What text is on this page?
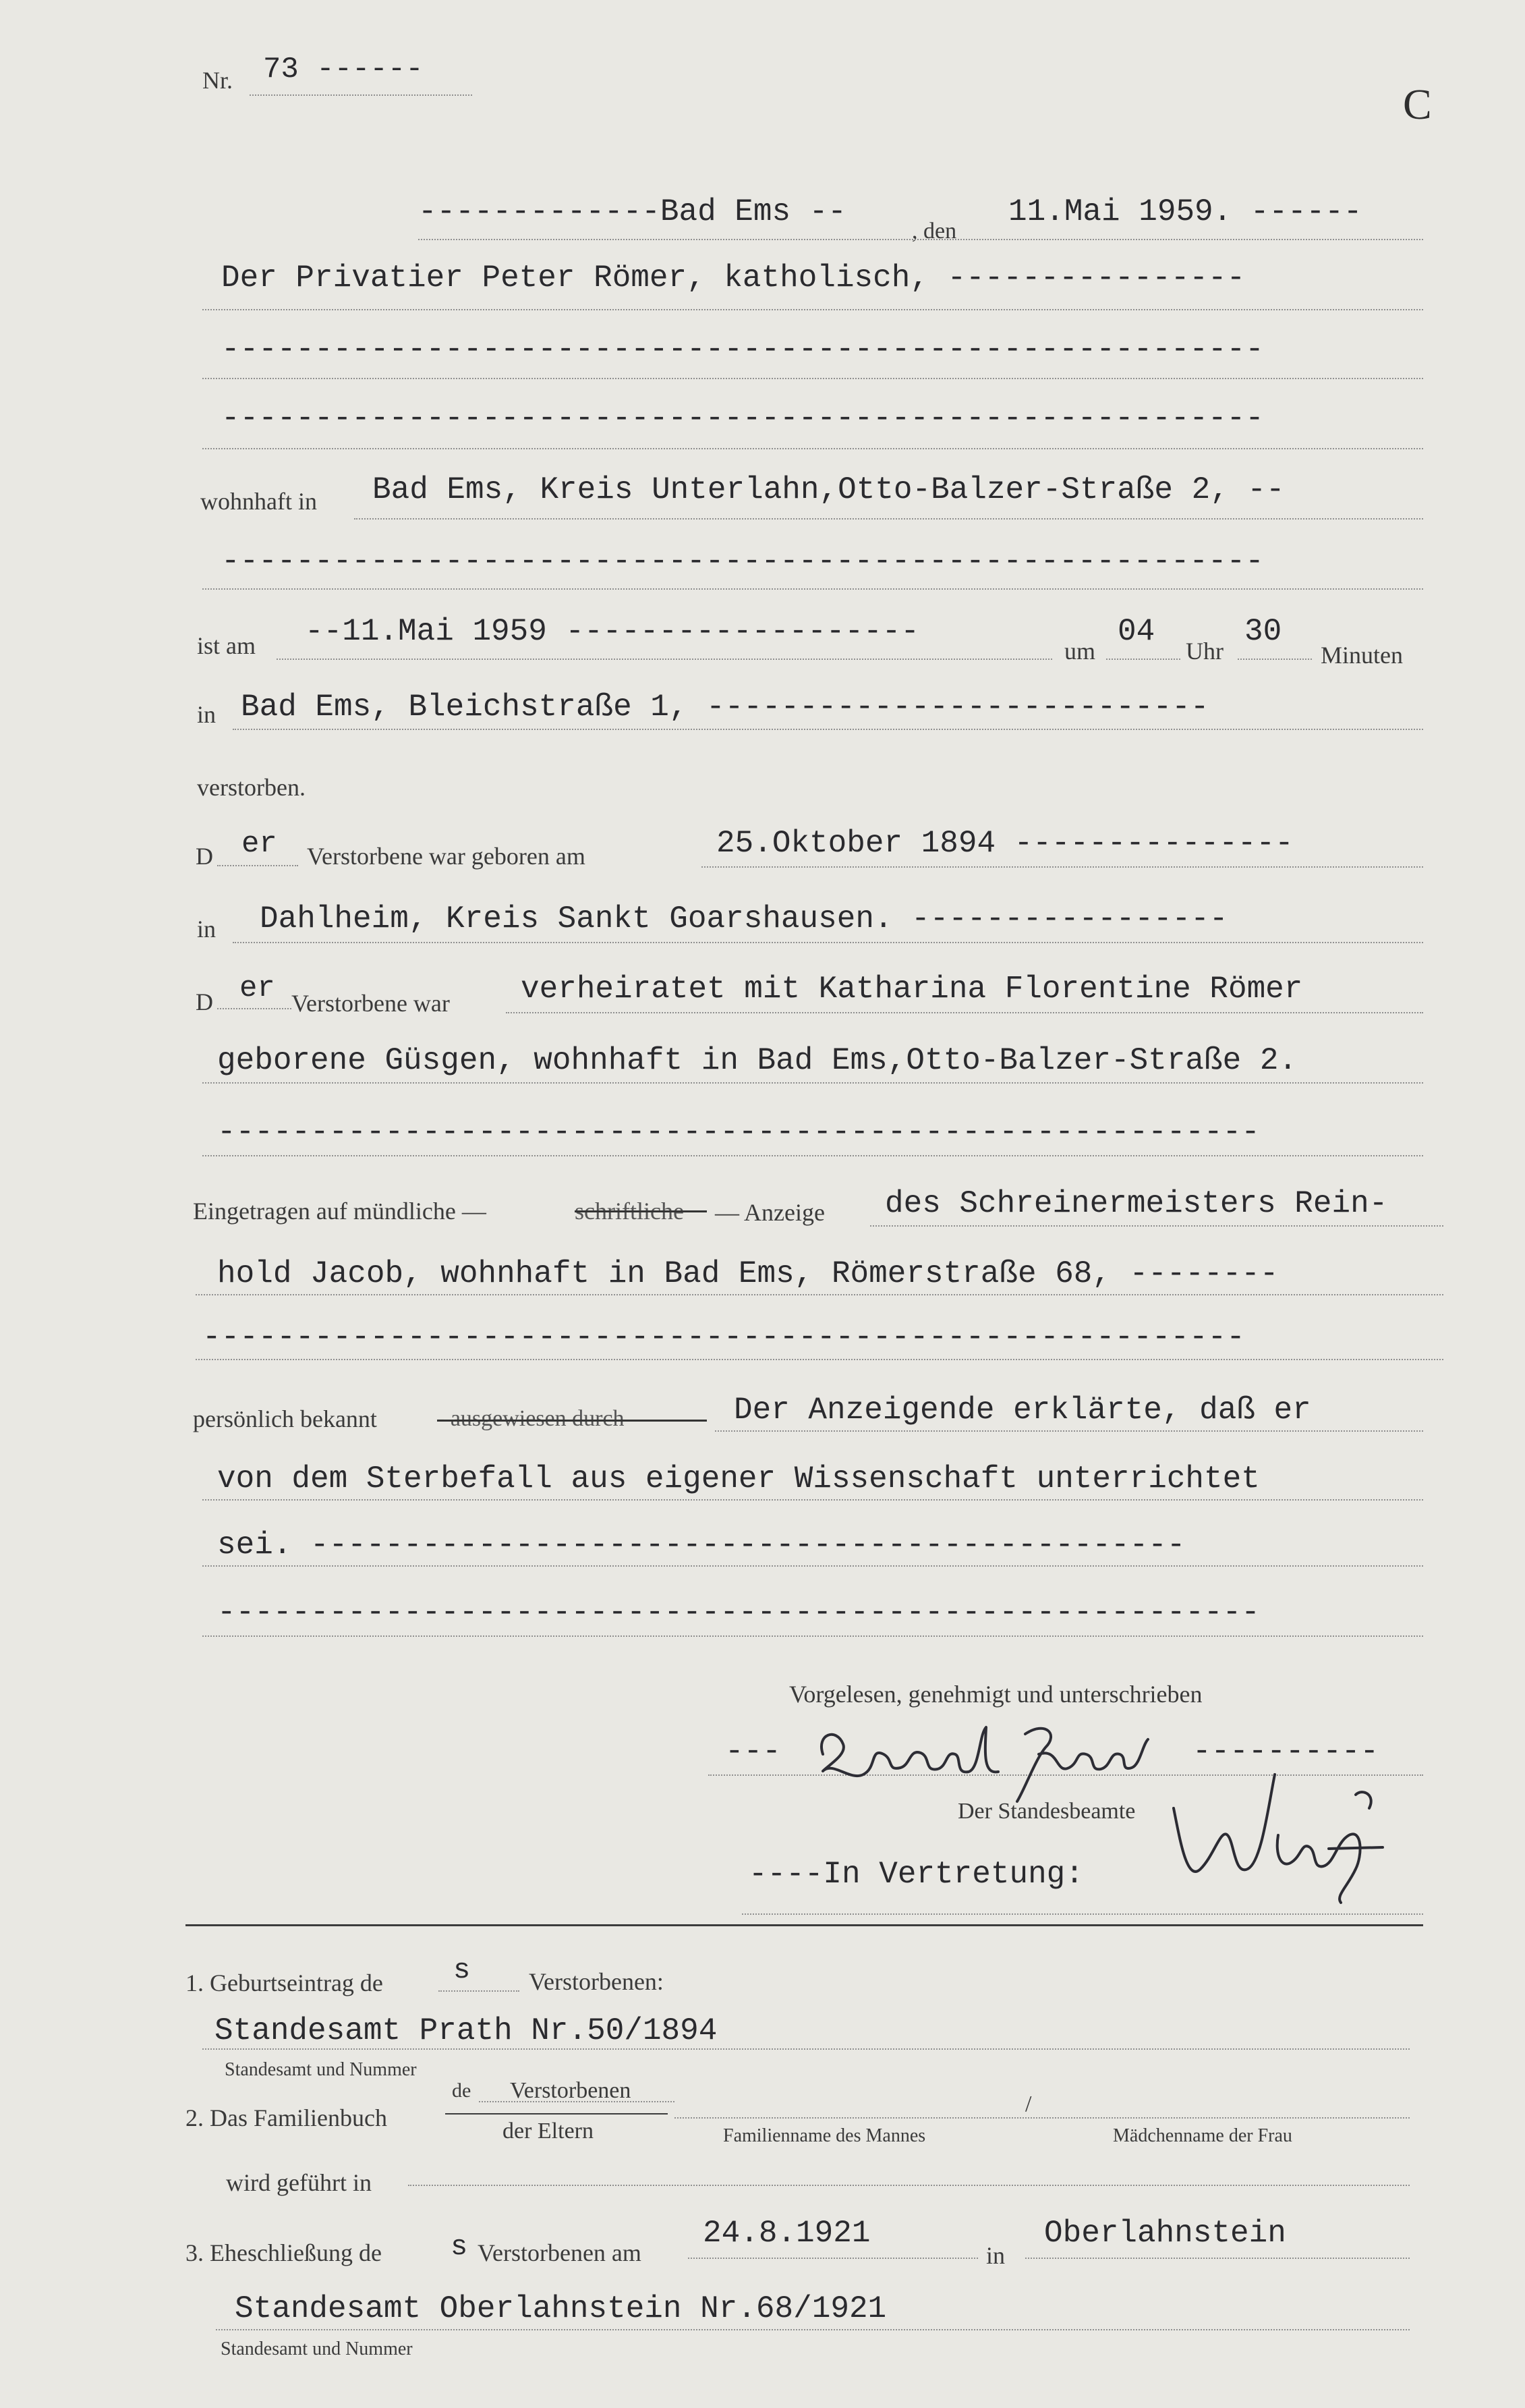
Nr. 73 ------
C
-------------Bad Ems --
, den
11.Mai 1959. ------
Der Privatier Peter Römer, katholisch, ----------------
--------------------------------------------------------
--------------------------------------------------------
wohnhaft in Bad Ems, Kreis Unterlahn,Otto-Balzer-Straße 2, --
--------------------------------------------------------
ist am --11.Mai 1959 -------------------
um
04
Uhr
30
Minuten
in Bad Ems, Bleichstraße 1, ---------------------------
verstorben.
D er Verstorbene war geboren am	25.Oktober 1894 ---------------
in Dahlheim, Kreis Sankt Goarshausen. -----------------
D er Verstorbene war verheiratet mit Katharina Florentine Römer
geborene Güsgen, wohnhaft in Bad Ems,Otto-Balzer-Straße 2.
--------------------------------------------------------
Eingetragen auf mündliche —	schriftliche — Anzeige des Schreinermeisters Rein-
hold Jacob, wohnhaft in Bad Ems, Römerstraße 68, --------
--------------------------------------------------------
persönlich bekannt	- ausgewiesen durch	Der Anzeigende erklärte, daß er
von dem Sterbefall aus eigener Wissenschaft unterrichtet
sei. -----------------------------------------------
--------------------------------------------------------
Vorgelesen, genehmigt und unterschrieben
---	----------
Der Standesbeamte
----In Vertretung:
1. Geburtseintrag de s Verstorbenen:
Standesamt Prath Nr.50/1894
Standesamt und Nummer
2. Das Familienbuch
de Verstorbenen
der Eltern	Familienname des Mannes
/
Mädchenname der Frau
wird geführt in
3. Eheschließung de s Verstorbenen am
24.8.1921
in
Oberlahnstein
Standesamt Oberlahnstein Nr.68/1921
Standesamt und Nummer
